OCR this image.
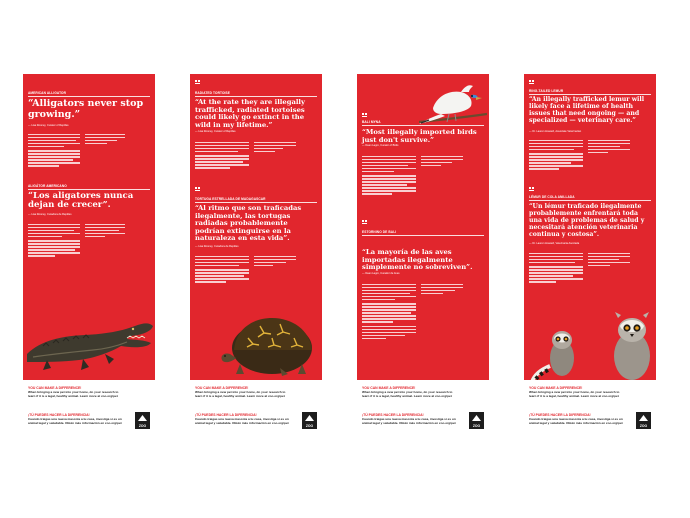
AMERICAN ALLIGATOR
“Alligators never stop growing.”
— Lisa Rooney, Curator of Reptiles
ALIGÁTOR AMERICANO
“Los aligatores nunca dejan de crecer”.
— Lisa Rooney, Curadora de Reptiles
YOU CAN MAKE A DIFFERENCE!
When bringing a new pet into your home, do your research to learn if it is a legal, healthy animal. Learn more at zoo.org/pet
¡TÚ PUEDES HACER LA DIFERENCIA!
Cuando traigas una nueva mascota a tu casa, investiga si es un animal legal y saludable. Obtén más información en zoo.org/pet
ZOO
RADIATED TORTOISE
“At the rate they are illegally trafficked, radiated tortoises could likely go extinct in the wild in my lifetime.”
— Lisa Rooney, Curator of Reptiles
TORTUGA ESTRELLADA DE MADAGASCAR
“Al ritmo que son traficadas ilegalmente, las tortugas radiadas probablemente podrían extinguirse en la naturaleza en esta vida”.
— Lisa Rooney, Curadora de Reptiles
YOU CAN MAKE A DIFFERENCE!
When bringing a new pet into your home, do your research to learn if it is a legal, healthy animal. Learn more at zoo.org/pet
¡TÚ PUEDES HACER LA DIFERENCIA!
Cuando traigas una nueva mascota a tu casa, investiga si es un animal legal y saludable. Obtén más información en zoo.org/pet
ZOO
BALI MYNA
“Most illegally imported birds just don't survive.”
— Dean Lagro, Curator of Birds
ESTORNINO DE BALI
“La mayoría de las aves importadas ilegalmente simplemente no sobreviven”.
— Dean Lagro, Curador de Aves
YOU CAN MAKE A DIFFERENCE!
When bringing a new pet into your home, do your research to learn if it is a legal, healthy animal. Learn more at zoo.org/pet
¡TÚ PUEDES HACER LA DIFERENCIA!
Cuando traigas una nueva mascota a tu casa, investiga si es un animal legal y saludable. Obtén más información en zoo.org/pet
ZOO
RING-TAILED LEMUR
“An illegally trafficked lemur will likely face a lifetime of health issues that need ongoing — and specialized — veterinary care.”
— Dr. Lauren Howard, Associate Veterinarian
LÉMUR DE COLA ANILLADA
“Un lémur traficado ilegalmente probablemente enfrentará toda una vida de problemas de salud y necesitará atención veterinaria continua y costosa”.
— Dr. Lauren Howard, Veterinaria Asociada
YOU CAN MAKE A DIFFERENCE!
When bringing a new pet into your home, do your research to learn if it is a legal, healthy animal. Learn more at zoo.org/pet
¡TÚ PUEDES HACER LA DIFERENCIA!
Cuando traigas una nueva mascota a tu casa, investiga si es un animal legal y saludable. Obtén más información en zoo.org/pet
ZOO
